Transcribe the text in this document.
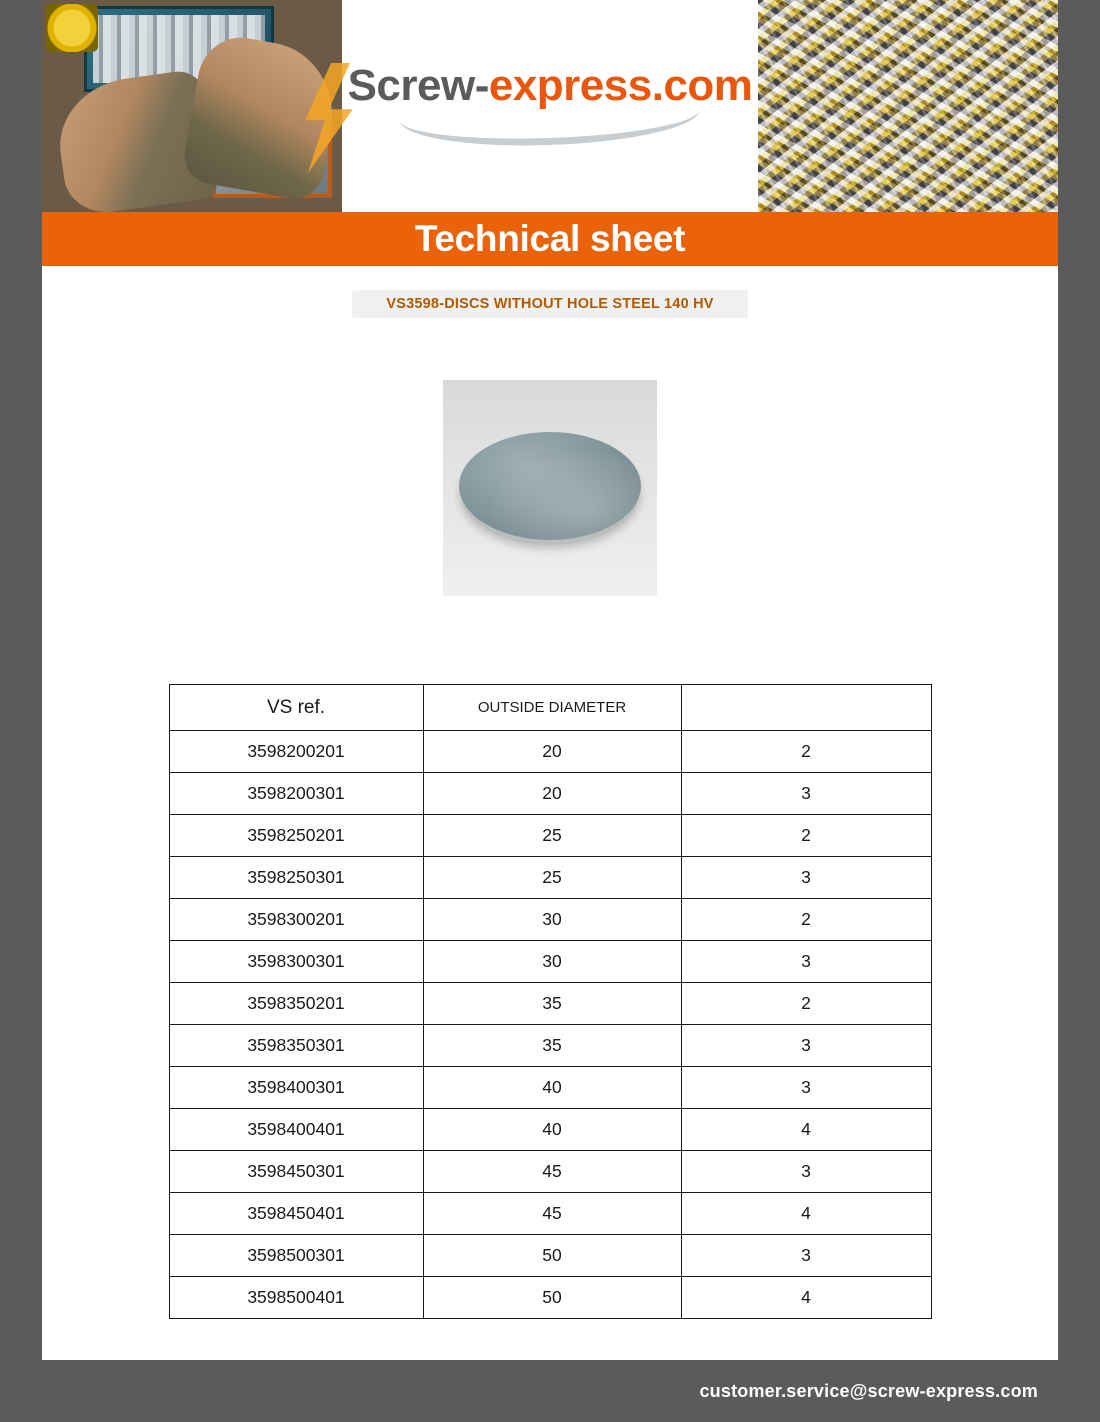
Screw-express.com
Technical sheet
VS3598-DISCS WITHOUT HOLE STEEL 140 HV
VS ref.	OUTSIDE DIAMETER	
3598200201	20	2
3598200301	20	3
3598250201	25	2
3598250301	25	3
3598300201	30	2
3598300301	30	3
3598350201	35	2
3598350301	35	3
3598400301	40	3
3598400401	40	4
3598450301	45	3
3598450401	45	4
3598500301	50	3
3598500401	50	4
customer.service@screw-express.com
